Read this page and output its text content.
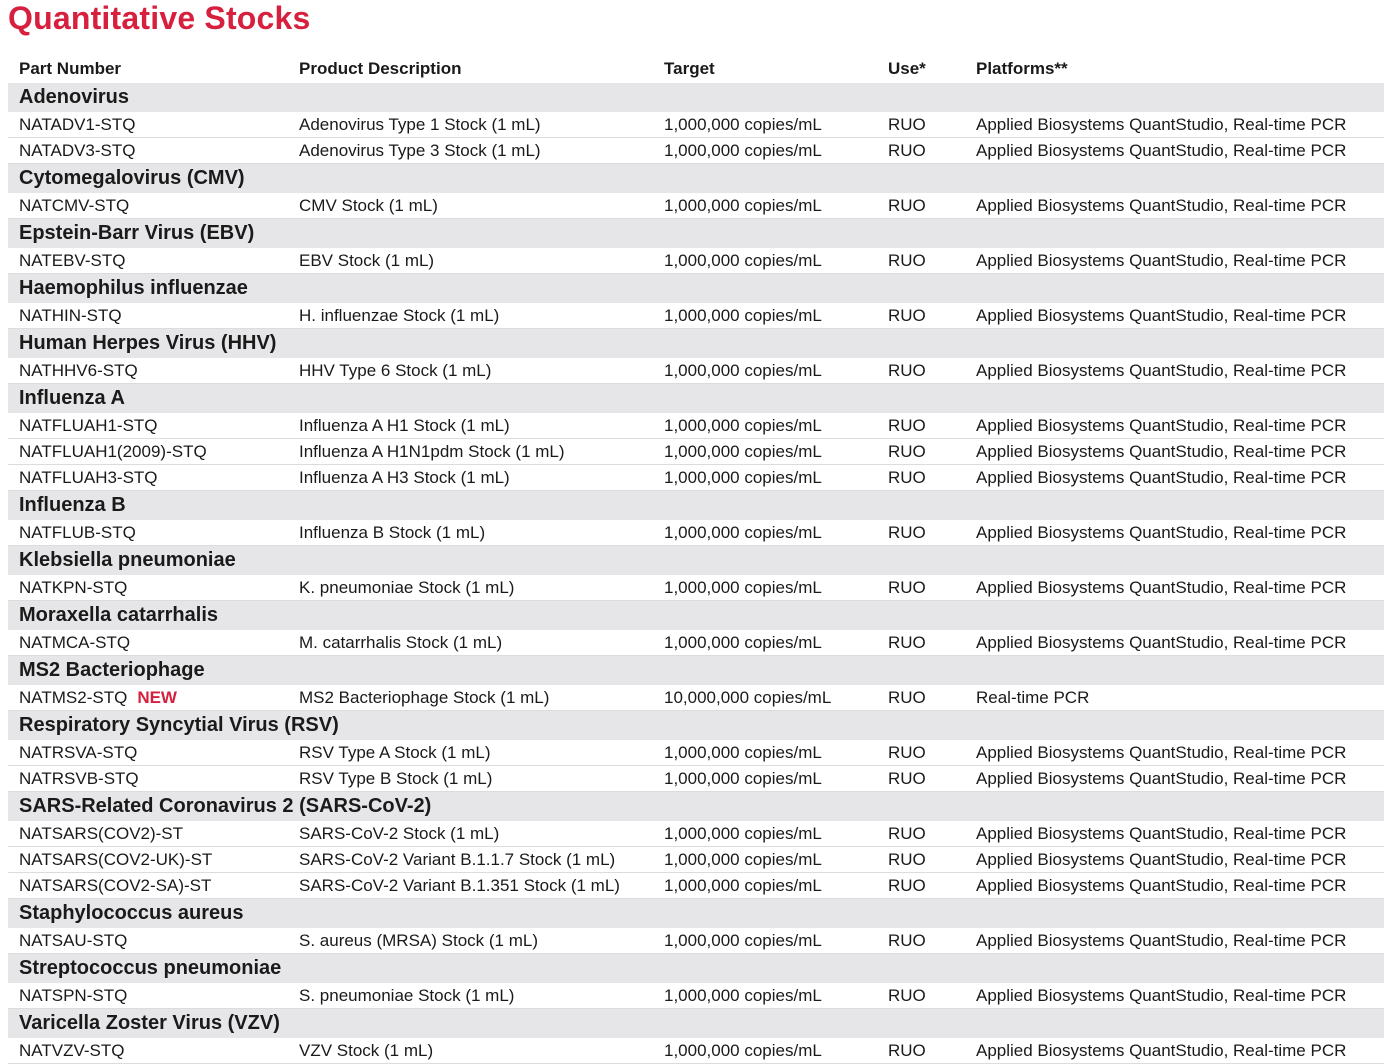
Quantitative Stocks
Part Number	Product Description	Target	Use*	Platforms**
Adenovirus				
NATADV1-STQ	Adenovirus Type 1 Stock (1 mL)	1,000,000 copies/mL	RUO	Applied Biosystems QuantStudio, Real-time PCR
NATADV3-STQ	Adenovirus Type 3 Stock (1 mL)	1,000,000 copies/mL	RUO	Applied Biosystems QuantStudio, Real-time PCR
Cytomegalovirus (CMV)				
NATCMV-STQ	CMV Stock (1 mL)	1,000,000 copies/mL	RUO	Applied Biosystems QuantStudio, Real-time PCR
Epstein-Barr Virus (EBV)				
NATEBV-STQ	EBV Stock (1 mL)	1,000,000 copies/mL	RUO	Applied Biosystems QuantStudio, Real-time PCR
Haemophilus influenzae				
NATHIN-STQ	H. influenzae Stock (1 mL)	1,000,000 copies/mL	RUO	Applied Biosystems QuantStudio, Real-time PCR
Human Herpes Virus (HHV)				
NATHHV6-STQ	HHV Type 6 Stock (1 mL)	1,000,000 copies/mL	RUO	Applied Biosystems QuantStudio, Real-time PCR
Influenza A				
NATFLUAH1-STQ	Influenza A H1 Stock (1 mL)	1,000,000 copies/mL	RUO	Applied Biosystems QuantStudio, Real-time PCR
NATFLUAH1(2009)-STQ	Influenza A H1N1pdm Stock (1 mL)	1,000,000 copies/mL	RUO	Applied Biosystems QuantStudio, Real-time PCR
NATFLUAH3-STQ	Influenza A H3 Stock (1 mL)	1,000,000 copies/mL	RUO	Applied Biosystems QuantStudio, Real-time PCR
Influenza B				
NATFLUB-STQ	Influenza B Stock (1 mL)	1,000,000 copies/mL	RUO	Applied Biosystems QuantStudio, Real-time PCR
Klebsiella pneumoniae				
NATKPN-STQ	K. pneumoniae Stock (1 mL)	1,000,000 copies/mL	RUO	Applied Biosystems QuantStudio, Real-time PCR
Moraxella catarrhalis				
NATMCA-STQ	M. catarrhalis Stock (1 mL)	1,000,000 copies/mL	RUO	Applied Biosystems QuantStudio, Real-time PCR
MS2 Bacteriophage				
NATMS2-STQ NEW	MS2 Bacteriophage Stock (1 mL)	10,000,000 copies/mL	RUO	Real-time PCR
Respiratory Syncytial Virus (RSV)				
NATRSVA-STQ	RSV Type A Stock (1 mL)	1,000,000 copies/mL	RUO	Applied Biosystems QuantStudio, Real-time PCR
NATRSVB-STQ	RSV Type B Stock (1 mL)	1,000,000 copies/mL	RUO	Applied Biosystems QuantStudio, Real-time PCR
SARS-Related Coronavirus 2 (SARS-CoV-2)				
NATSARS(COV2)-ST	SARS-CoV-2 Stock (1 mL)	1,000,000 copies/mL	RUO	Applied Biosystems QuantStudio, Real-time PCR
NATSARS(COV2-UK)-ST	SARS-CoV-2 Variant B.1.1.7 Stock (1 mL)	1,000,000 copies/mL	RUO	Applied Biosystems QuantStudio, Real-time PCR
NATSARS(COV2-SA)-ST	SARS-CoV-2 Variant B.1.351 Stock (1 mL)	1,000,000 copies/mL	RUO	Applied Biosystems QuantStudio, Real-time PCR
Staphylococcus aureus				
NATSAU-STQ	S. aureus (MRSA) Stock (1 mL)	1,000,000 copies/mL	RUO	Applied Biosystems QuantStudio, Real-time PCR
Streptococcus pneumoniae				
NATSPN-STQ	S. pneumoniae Stock (1 mL)	1,000,000 copies/mL	RUO	Applied Biosystems QuantStudio, Real-time PCR
Varicella Zoster Virus (VZV)				
NATVZV-STQ	VZV Stock (1 mL)	1,000,000 copies/mL	RUO	Applied Biosystems QuantStudio, Real-time PCR
